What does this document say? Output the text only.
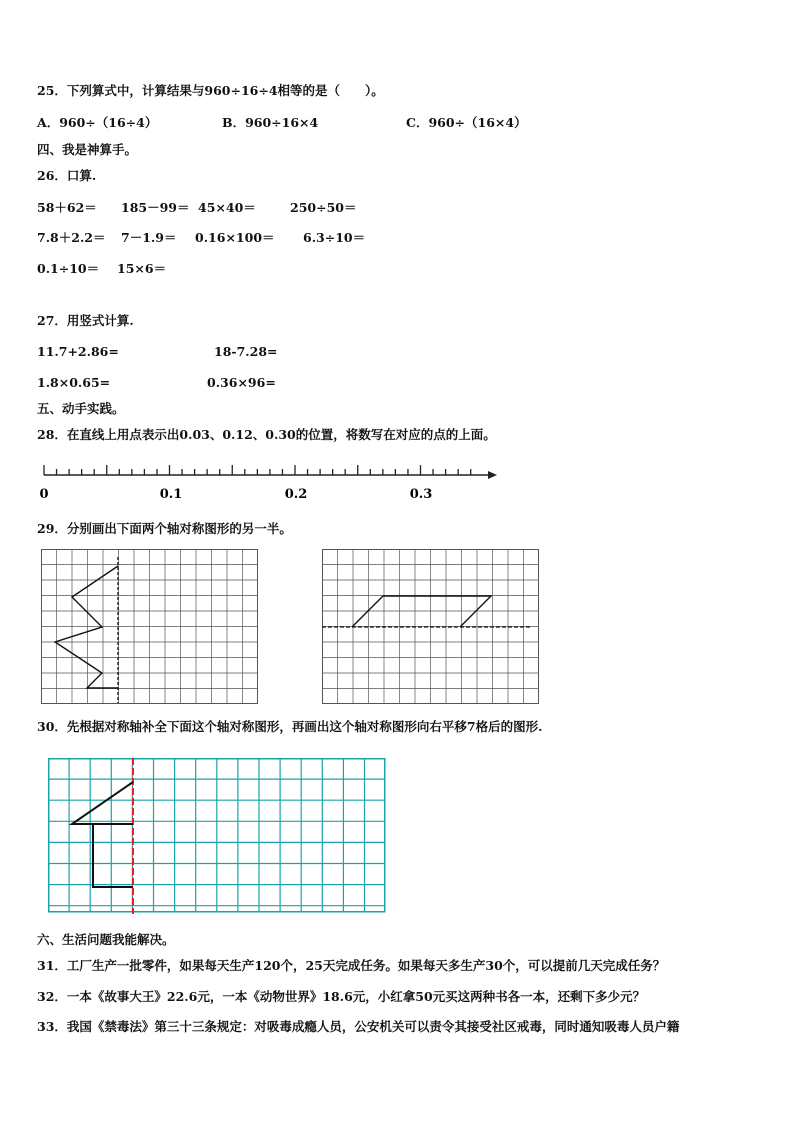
25．下列算式中，计算结果与960÷16÷4相等的是（　　）。
A．960÷（16÷4）	B．960÷16×4	C．960÷（16×4）
四、我是神算手。
26．口算.
58＋62＝ 185－99＝ 45×40＝	250÷50＝
7.8＋2.2＝ 7－1.9＝ 0.16×100＝ 6.3÷10＝
0.1÷10＝ 15×6＝
27．用竖式计算.
11.7+2.86=	18-7.28=
1.8×0.65=	0.36×96=
五、动手实践。
28．在直线上用点表示出0.03、0.12、0.30的位置，将数写在对应的点的上面。
0	0.1	0.2	0.3
29．分别画出下面两个轴对称图形的另一半。
30．先根据对称轴补全下面这个轴对称图形，再画出这个轴对称图形向右平移7格后的图形.
六、生活问题我能解决。
31．工厂生产一批零件，如果每天生产120个，25天完成任务。如果每天多生产30个，可以提前几天完成任务？
32．一本《故事大王》22.6元，一本《动物世界》18.6元，小红拿50元买这两种书各一本，还剩下多少元？
33．我国《禁毒法》第三十三条规定：对吸毒成瘾人员，公安机关可以责令其接受社区戒毒，同时通知吸毒人员户籍
